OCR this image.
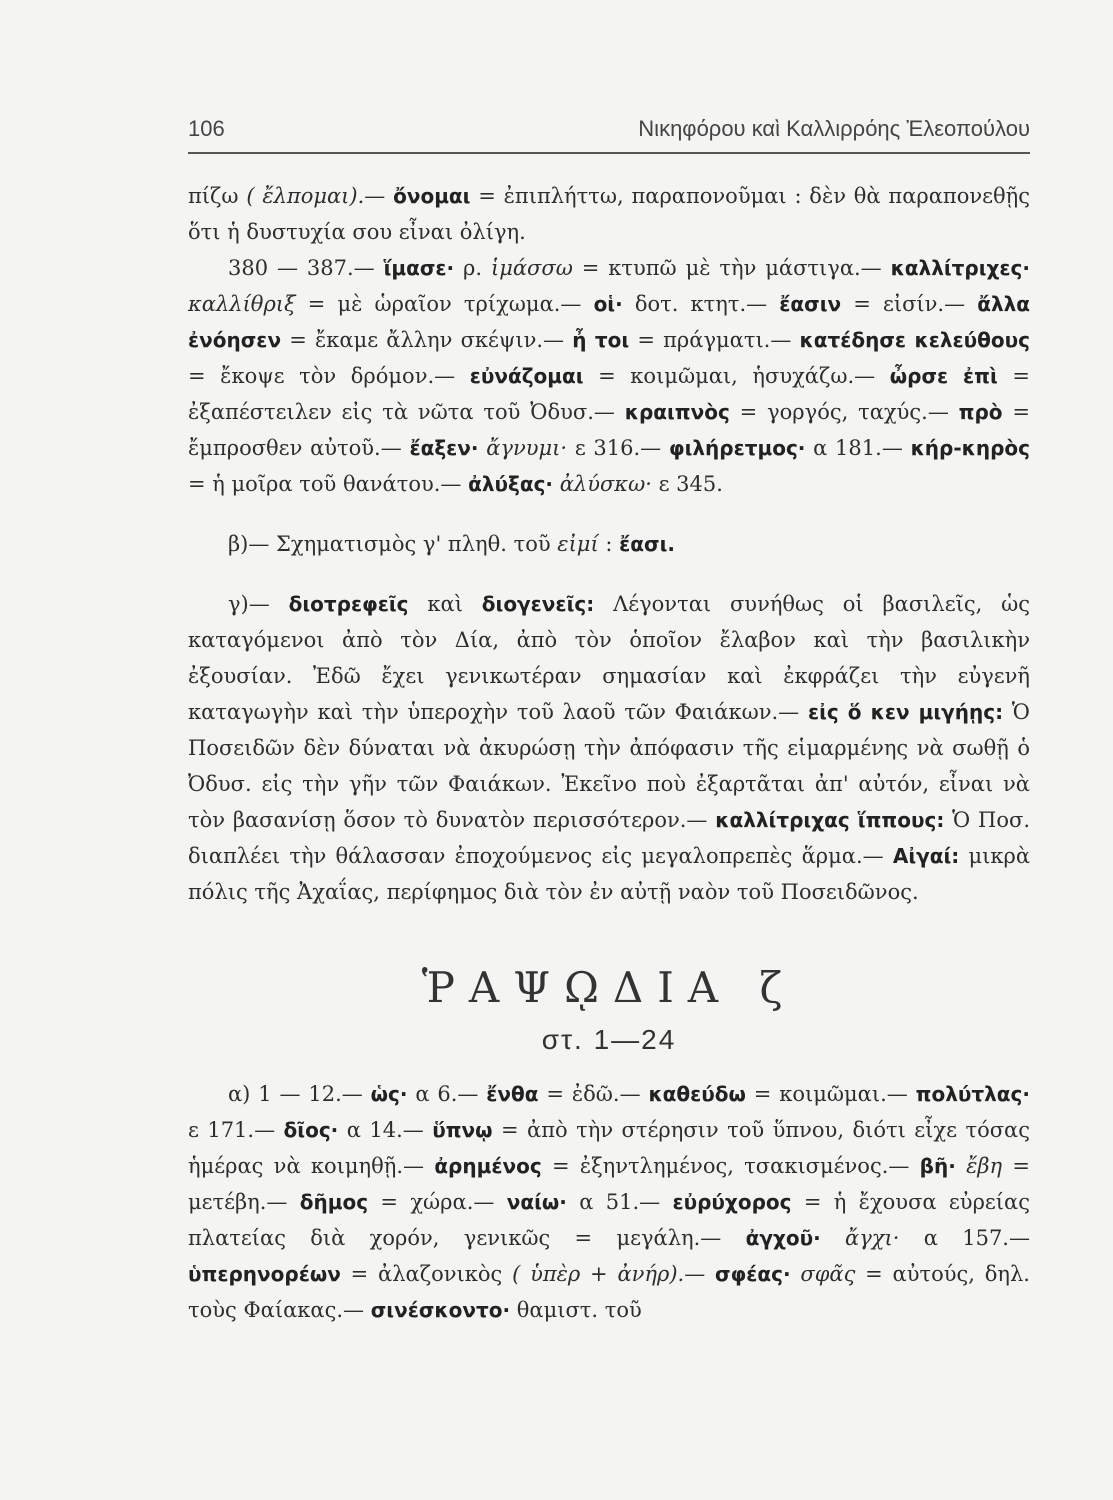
106	Νικηφόρου καὶ Καλλιρρόης Ἐλεοπούλου

πίζω ( ἔλπομαι).— ὄνομαι = ἐπιπλήττω, παραπονοῦμαι : δὲν θὰ παραπονεθῇς ὅτι ἡ δυστυχία σου εἶναι ὀλίγη.

380 — 387.— ἵμασε· ρ. ἱμάσσω = κτυπῶ μὲ τὴν μάστιγα.— καλλίτριχες· καλλίθριξ = μὲ ὡραῖον τρίχωμα.— οἱ· δοτ. κτητ.— ἔασιν = εἰσίν.— ἄλλα ἐνόησεν = ἔκαμε ἄλλην σκέψιν.— ἦ τοι = πράγματι.— κατέδησε κελεύθους = ἔκοψε τὸν δρόμον.— εὐνάζομαι = κοιμῶμαι, ἡσυχάζω.— ὦρσε ἐπὶ = ἐξαπέστειλεν εἰς τὰ νῶτα τοῦ Ὀδυσ.— κραιπνὸς = γοργός, ταχύς.— πρὸ = ἔμπροσθεν αὐτοῦ.— ἔαξεν· ἄγνυμι· ε 316.— φιλήρετμος· α 181.— κήρ-κηρὸς = ἡ μοῖρα τοῦ θανάτου.— ἀλύξας· ἀλύσκω· ε 345.

β)— Σχηματισμὸς γ' πληθ. τοῦ εἰμί : ἔασι.

γ)— διοτρεφεῖς καὶ διογενεῖς: Λέγονται συνήθως οἱ βασιλεῖς, ὡς καταγόμενοι ἀπὸ τὸν Δία, ἀπὸ τὸν ὁποῖον ἔλαβον καὶ τὴν βασιλικὴν ἐξουσίαν. Ἐδῶ ἔχει γενικωτέραν σημασίαν καὶ ἐκφράζει τὴν εὐγενῆ καταγωγὴν καὶ τὴν ὑπεροχὴν τοῦ λαοῦ τῶν Φαιάκων.— εἰς ὅ κεν μιγήῃς: Ὁ Ποσειδῶν δὲν δύναται νὰ ἀκυρώσῃ τὴν ἀπόφασιν τῆς εἱμαρμένης νὰ σωθῇ ὁ Ὀδυσ. εἰς τὴν γῆν τῶν Φαιάκων. Ἐκεῖνο ποὺ ἐξαρτᾶται ἀπ' αὐτόν, εἶναι νὰ τὸν βασανίσῃ ὅσον τὸ δυνατὸν περισσότερον.— καλλίτριχας ἵππους: Ὁ Ποσ. διαπλέει τὴν θάλασσαν ἐποχούμενος εἰς μεγαλοπρεπὲς ἅρμα.— Αἰγαί: μικρὰ πόλις τῆς Ἀχαΐας, περίφημος διὰ τὸν ἐν αὐτῇ ναὸν τοῦ Ποσειδῶνος.

ῬΑΨῼΔΙΑ ζ
στ. 1—24

α) 1 — 12.— ὡς· α 6.— ἔνθα = ἐδῶ.— καθεύδω = κοιμῶμαι.— πολύτλας· ε 171.— δῖος· α 14.— ὕπνῳ = ἀπὸ τὴν στέρησιν τοῦ ὕπνου, διότι εἶχε τόσας ἡμέρας νὰ κοιμηθῇ.— ἀρημένος = ἐξηντλημένος, τσακισμένος.— βῆ· ἔβη = μετέβη.— δῆμος = χώρα.— ναίω· α 51.— εὐρύχορος = ἡ ἔχουσα εὐρείας πλατείας διὰ χορόν, γενικῶς = μεγάλη.— ἀγχοῦ· ἄγχι· α 157.— ὑπερηνορέων = ἀλαζονικὸς ( ὑπὲρ + ἀνήρ).— σφέας· σφᾶς = αὐτούς, δηλ. τοὺς Φαίακας.— σινέσκοντο· θαμιστ. τοῦ
